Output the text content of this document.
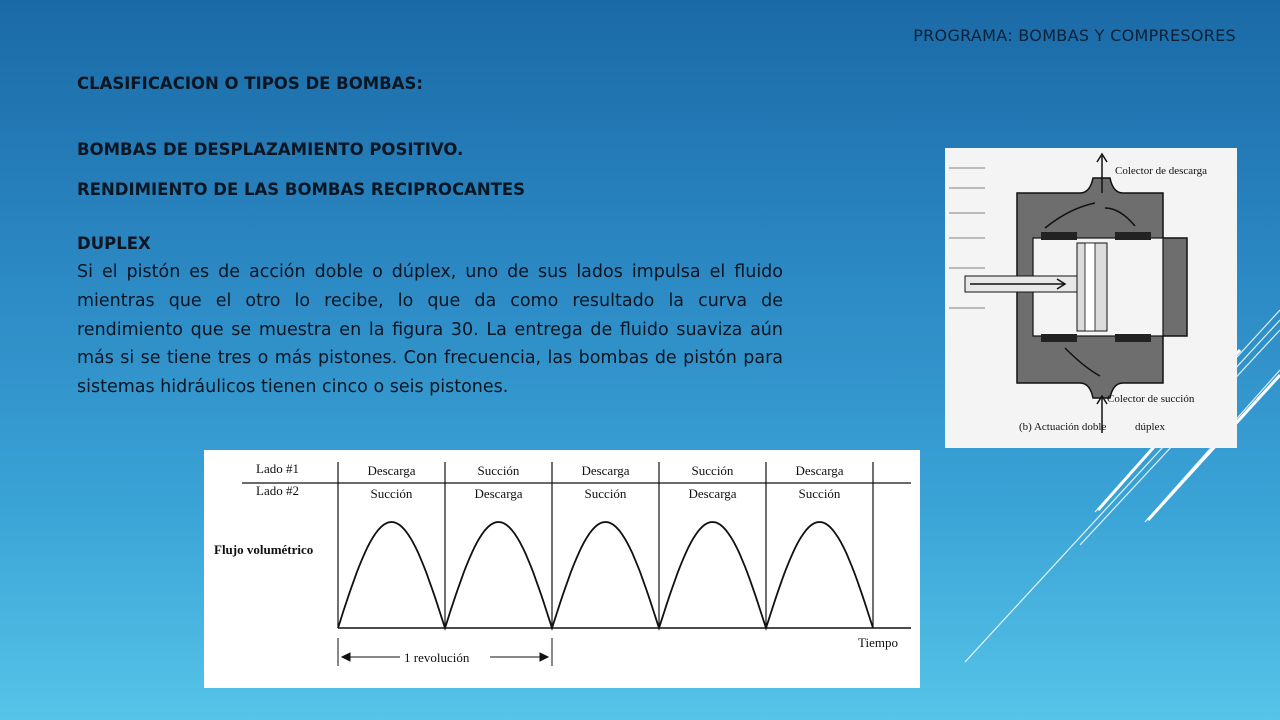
PROGRAMA: BOMBAS Y COMPRESORES
CLASIFICACION O TIPOS DE BOMBAS:
BOMBAS DE DESPLAZAMIENTO POSITIVO.
RENDIMIENTO DE LAS BOMBAS RECIPROCANTES
DUPLEX
Si el pistón es de acción doble o dúplex, uno de sus lados impulsa el fluido mientras que el otro lo recibe, lo que da como resultado la curva de rendimiento que se muestra en la figura 30. La entrega de fluido suaviza aún más si se tiene tres o más pistones. Con frecuencia, las bombas de pistón para sistemas hidráulicos tienen cinco o seis pistones.
Colector de descarga
Colector de succión
(b) Actuación doble	dúplex
Lado #1
Lado #2
Descarga
Succión
Succión
Descarga
Descarga
Succión
Succión
Descarga
Descarga
Succión
Flujo volumétrico
Tiempo
1 revolución
